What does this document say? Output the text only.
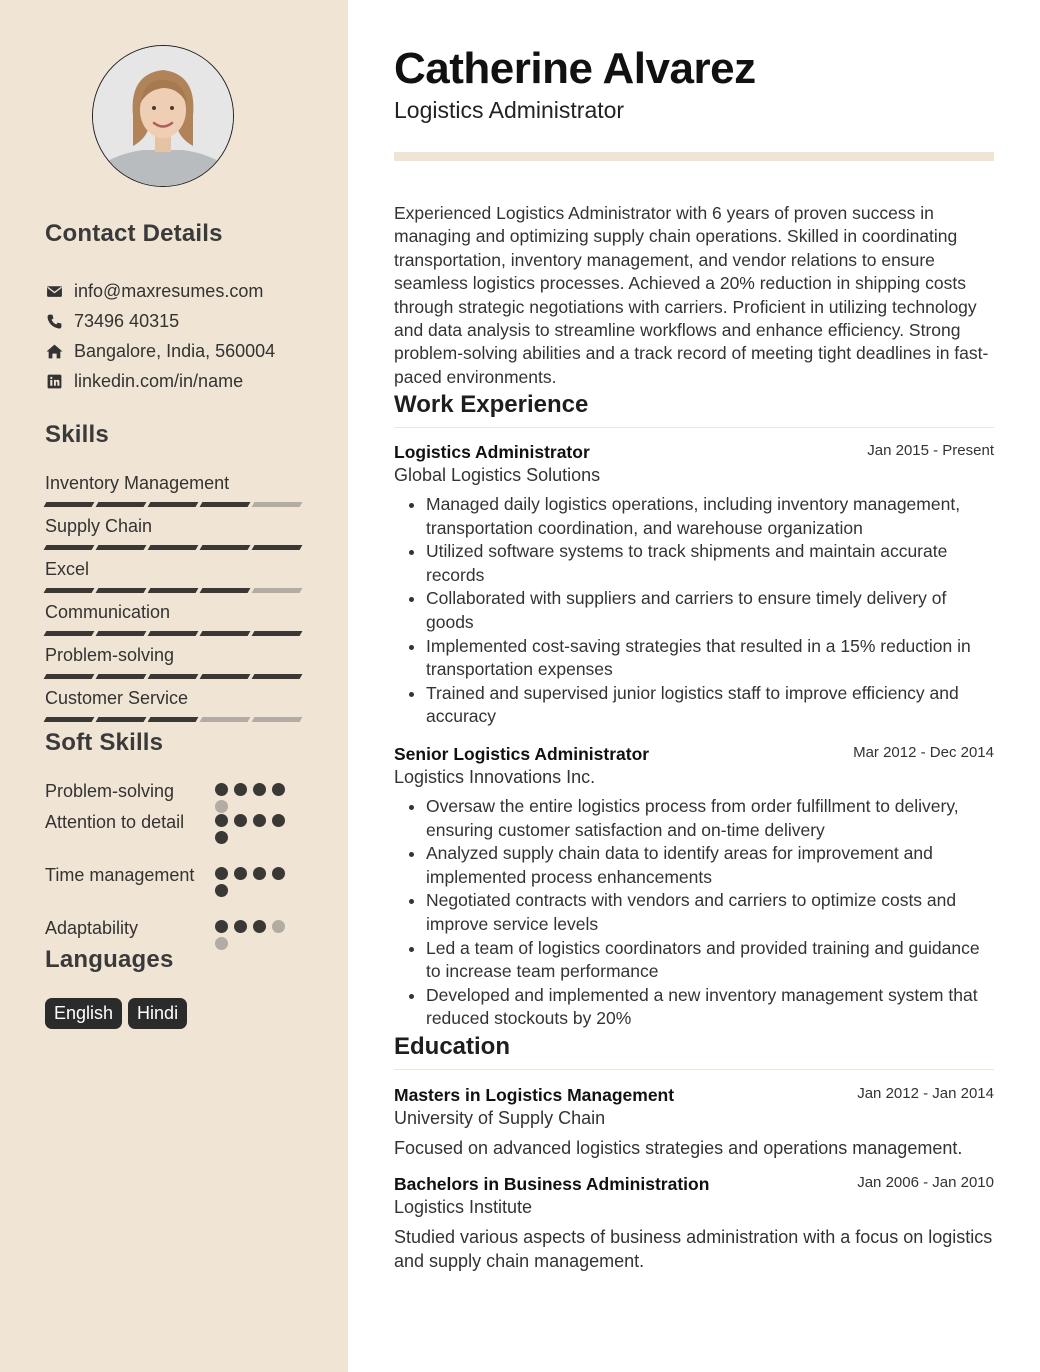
Contact Details
info@maxresumes.com
73496 40315
Bangalore, India, 560004
linkedin.com/in/name
Skills
Inventory Management
Supply Chain
Excel
Communication
Problem-solving
Customer Service
Soft Skills
Problem-solving
Attention to detail
Time management
Adaptability
Languages
English	Hindi
Catherine Alvarez
Logistics Administrator

Experienced Logistics Administrator with 6 years of proven success in managing and optimizing supply chain operations. Skilled in coordinating transportation, inventory management, and vendor relations to ensure seamless logistics processes. Achieved a 20% reduction in shipping costs through strategic negotiations with carriers. Proficient in utilizing technology and data analysis to streamline workflows and enhance efficiency. Strong problem-solving abilities and a track record of meeting tight deadlines in fast-paced environments.

Work Experience
Logistics Administrator	Jan 2015 - Present
Global Logistics Solutions
• Managed daily logistics operations, including inventory management, transportation coordination, and warehouse organization
• Utilized software systems to track shipments and maintain accurate records
• Collaborated with suppliers and carriers to ensure timely delivery of goods
• Implemented cost-saving strategies that resulted in a 15% reduction in transportation expenses
• Trained and supervised junior logistics staff to improve efficiency and accuracy
Senior Logistics Administrator	Mar 2012 - Dec 2014
Logistics Innovations Inc.
• Oversaw the entire logistics process from order fulfillment to delivery, ensuring customer satisfaction and on-time delivery
• Analyzed supply chain data to identify areas for improvement and implemented process enhancements
• Negotiated contracts with vendors and carriers to optimize costs and improve service levels
• Led a team of logistics coordinators and provided training and guidance to increase team performance
• Developed and implemented a new inventory management system that reduced stockouts by 20%
Education
Masters in Logistics Management	Jan 2012 - Jan 2014
University of Supply Chain
Focused on advanced logistics strategies and operations management.
Bachelors in Business Administration	Jan 2006 - Jan 2010
Logistics Institute
Studied various aspects of business administration with a focus on logistics and supply chain management.
